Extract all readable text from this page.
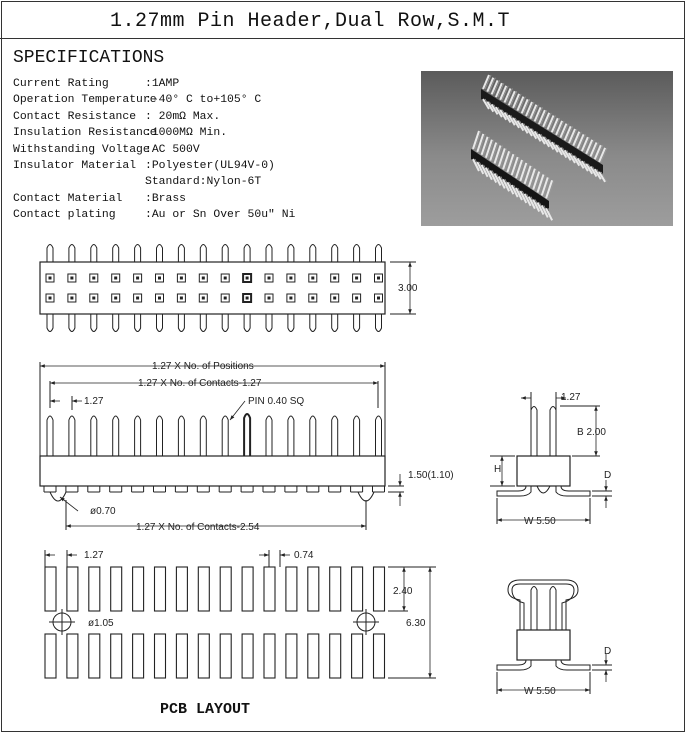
1.27mm Pin Header,Dual Row,S.M.T
SPECIFICATIONS
Current Rating	:1AMP
Operation Temperature
:-40° C to+105° C
Contact Resistance : 20mΩ Max.
Insulation Resistance
:1000MΩ Min.
Withstanding Voltage
:AC 500V
Insulator Material :Polyester(UL94V-0)
Standard:Nylon-6T
Contact Material	:Brass
Contact plating	:Au or Sn Over 50u" Ni
3.00
1.27 X No. of Positions
1.27 X No. of Contacts-1.27
1.27	PIN 0.40 SQ
ø0.70
1.50(1.10)
1.27 X No. of Contacts-2.54
1.27
B 2.00
H
D
W 5.50
1.27	0.74
2.40
ø1.05	6.30
D
W 5.50
PCB LAYOUT
